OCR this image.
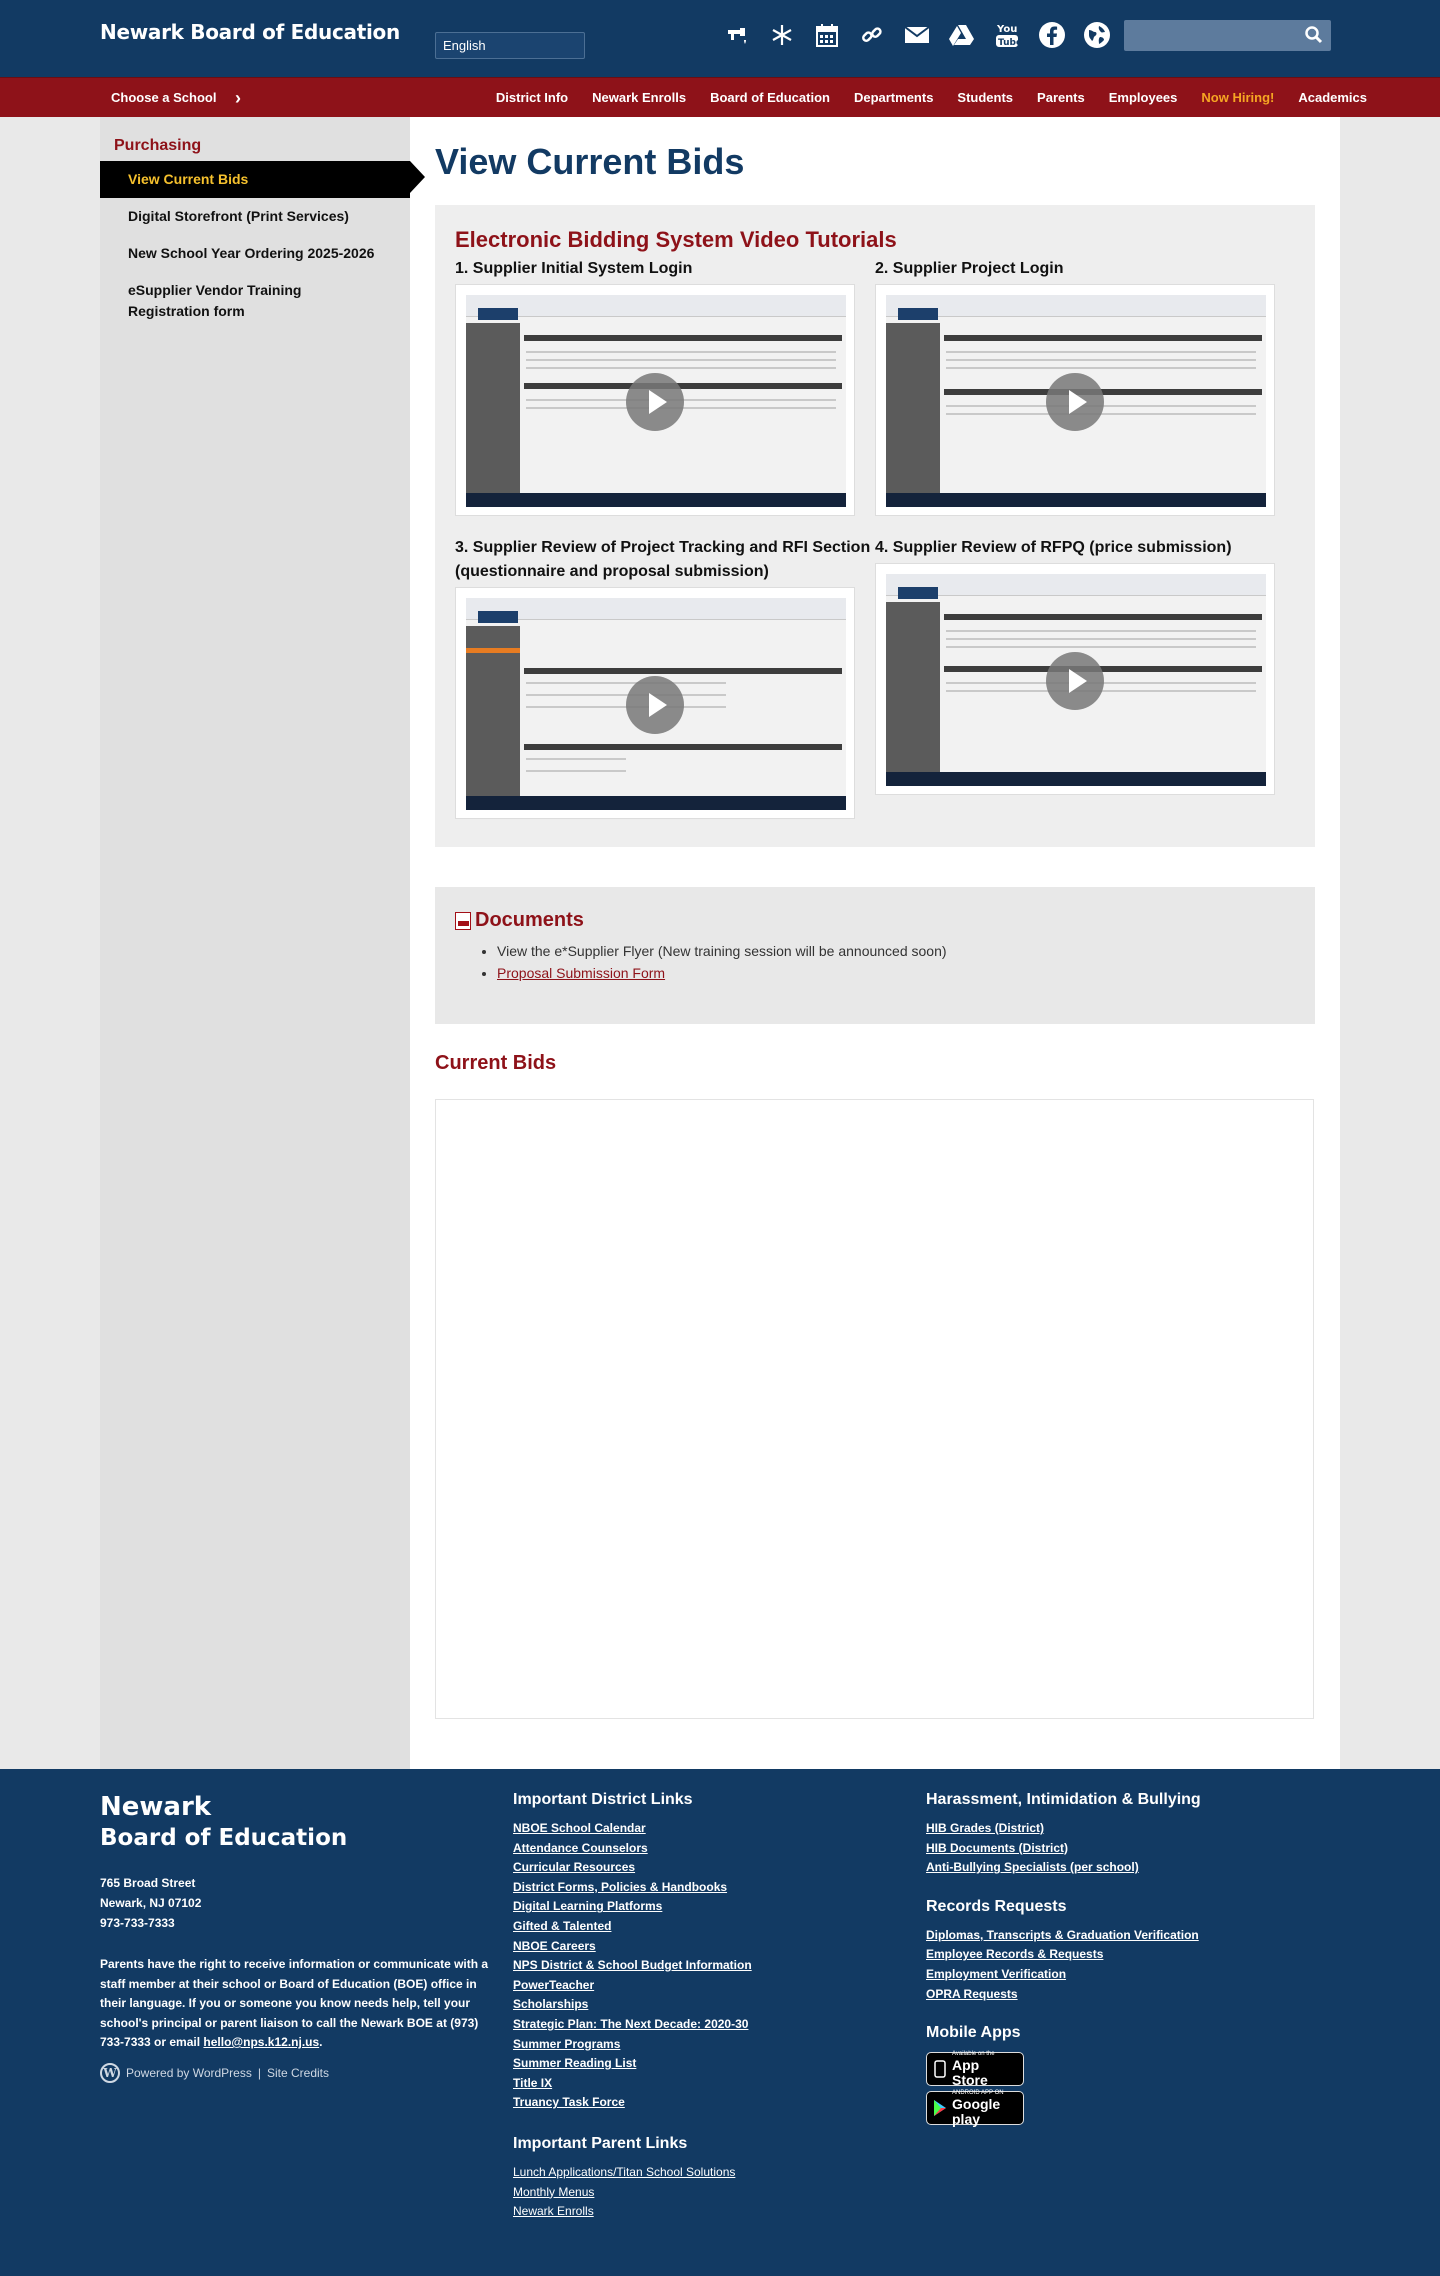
Newark Board of Education
English
You
Tube
Choose a School ›	District Info Newark Enrolls Board of Education Departments Students Parents Employees Now Hiring! Academics
Purchasing
View Current Bids
Digital Storefront (Print Services)
New School Year Ordering 2025-2026
eSupplier Vendor Training Registration form
View Current Bids
Electronic Bidding System Video Tutorials
1. Supplier Initial System Login	2. Supplier Project Login
3. Supplier Review of Project Tracking and RFI Section (questionnaire and proposal submission)
4. Supplier Review of RFPQ (price submission)
Documents
• View the e*Supplier Flyer (New training session will be announced soon)
• Proposal Submission Form
Current Bids
Newark
Board of Education
765 Broad Street
Newark, NJ 07102
973-733-7333
Parents have the right to receive information or communicate with a staff member at their school or Board of Education (BOE) office in their language. If you or someone you know needs help, tell your school's principal or parent liaison to call the Newark BOE at (973) 733-7333 or email hello@nps.k12.nj.us.
W Powered by WordPress | Site Credits
Important District Links
NBOE School Calendar
Attendance Counselors
Curricular Resources
District Forms, Policies & Handbooks
Digital Learning Platforms
Gifted & Talented
NBOE Careers
NPS District & School Budget Information
PowerTeacher
Scholarships
Strategic Plan: The Next Decade: 2020-30
Summer Programs
Summer Reading List
Title IX
Truancy Task Force
Important Parent Links
Lunch Applications/Titan School Solutions
Monthly Menus
Newark Enrolls
Harassment, Intimidation & Bullying
HIB Grades (District)
HIB Documents (District)
Anti-Bullying Specialists (per school)
Records Requests
Diplomas, Transcripts & Graduation Verification
Employee Records & Requests
Employment Verification
OPRA Requests
Mobile Apps
Available on the
App Store
ANDROID APP ON
Google play
